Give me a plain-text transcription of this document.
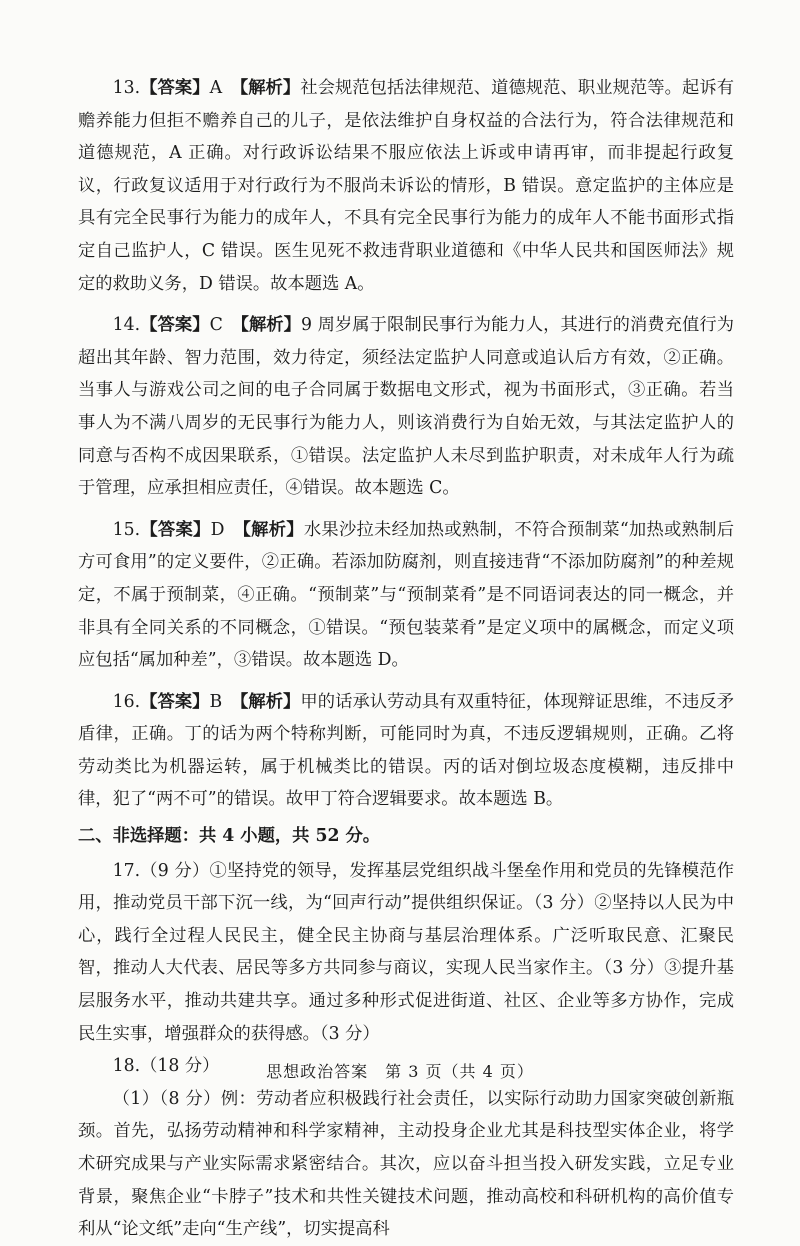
13.【答案】A　 【解析】社会规范包括法律规范、道德规范、职业规范等。起诉有赡养能力但拒不赡养自己的儿子，是依法维护自身权益的合法行为，符合法律规范和道德规范，A 正确。对行政诉讼结果不服应依法上诉或申请再审，而非提起行政复议，行政复议适用于对行政行为不服尚未诉讼的情形，B 错误。意定监护的主体应是具有完全民事行为能力的成年人，不具有完全民事行为能力的成年人不能书面形式指定自己监护人，C 错误。医生见死不救违背职业道德和《中华人民共和国医师法》规定的救助义务，D 错误。故本题选 A。

14.【答案】C　 【解析】9 周岁属于限制民事行为能力人，其进行的消费充值行为超出其年龄、智力范围，效力待定，须经法定监护人同意或追认后方有效，②正确。当事人与游戏公司之间的电子合同属于数据电文形式，视为书面形式，③正确。若当事人为不满八周岁的无民事行为能力人，则该消费行为自始无效，与其法定监护人的同意与否构不成因果联系，①错误。法定监护人未尽到监护职责，对未成年人行为疏于管理，应承担相应责任，④错误。故本题选 C。

15.【答案】D　 【解析】水果沙拉未经加热或熟制，不符合预制菜“加热或熟制后方可食用”的定义要件，②正确。若添加防腐剂，则直接违背“不添加防腐剂”的种差规定，不属于预制菜，④正确。“预制菜”与“预制菜肴”是不同语词表达的同一概念，并非具有全同关系的不同概念，①错误。“预包装菜肴”是定义项中的属概念，而定义项应包括“属加种差”，③错误。故本题选 D。

16.【答案】B　 【解析】甲的话承认劳动具有双重特征，体现辩证思维，不违反矛盾律，正确。丁的话为两个特称判断，可能同时为真，不违反逻辑规则，正确。乙将劳动类比为机器运转，属于机械类比的错误。丙的话对倒垃圾态度模糊，违反排中律，犯了“两不可”的错误。故甲丁符合逻辑要求。故本题选 B。

二、非选择题：共 4 小题，共 52 分。

17.（9 分）①坚持党的领导，发挥基层党组织战斗堡垒作用和党员的先锋模范作用，推动党员干部下沉一线，为“回声行动”提供组织保证。（3 分）②坚持以人民为中心，践行全过程人民民主，健全民主协商与基层治理体系。广泛听取民意、汇聚民智，推动人大代表、居民等多方共同参与商议，实现人民当家作主。（3 分）③提升基层服务水平，推动共建共享。通过多种形式促进街道、社区、企业等多方协作，完成民生实事，增强群众的获得感。（3 分）

18.（18 分）

（1）（8 分）例：劳动者应积极践行社会责任，以实际行动助力国家突破创新瓶颈。首先，弘扬劳动精神和科学家精神，主动投身企业尤其是科技型实体企业，将学术研究成果与产业实际需求紧密结合。其次，应以奋斗担当投入研发实践，立足专业背景，聚焦企业“卡脖子”技术和共性关键技术问题，推动高校和科研机构的高价值专利从“论文纸”走向“生产线”，切实提高科

思想政治答案　第 3 页（共 4 页）
